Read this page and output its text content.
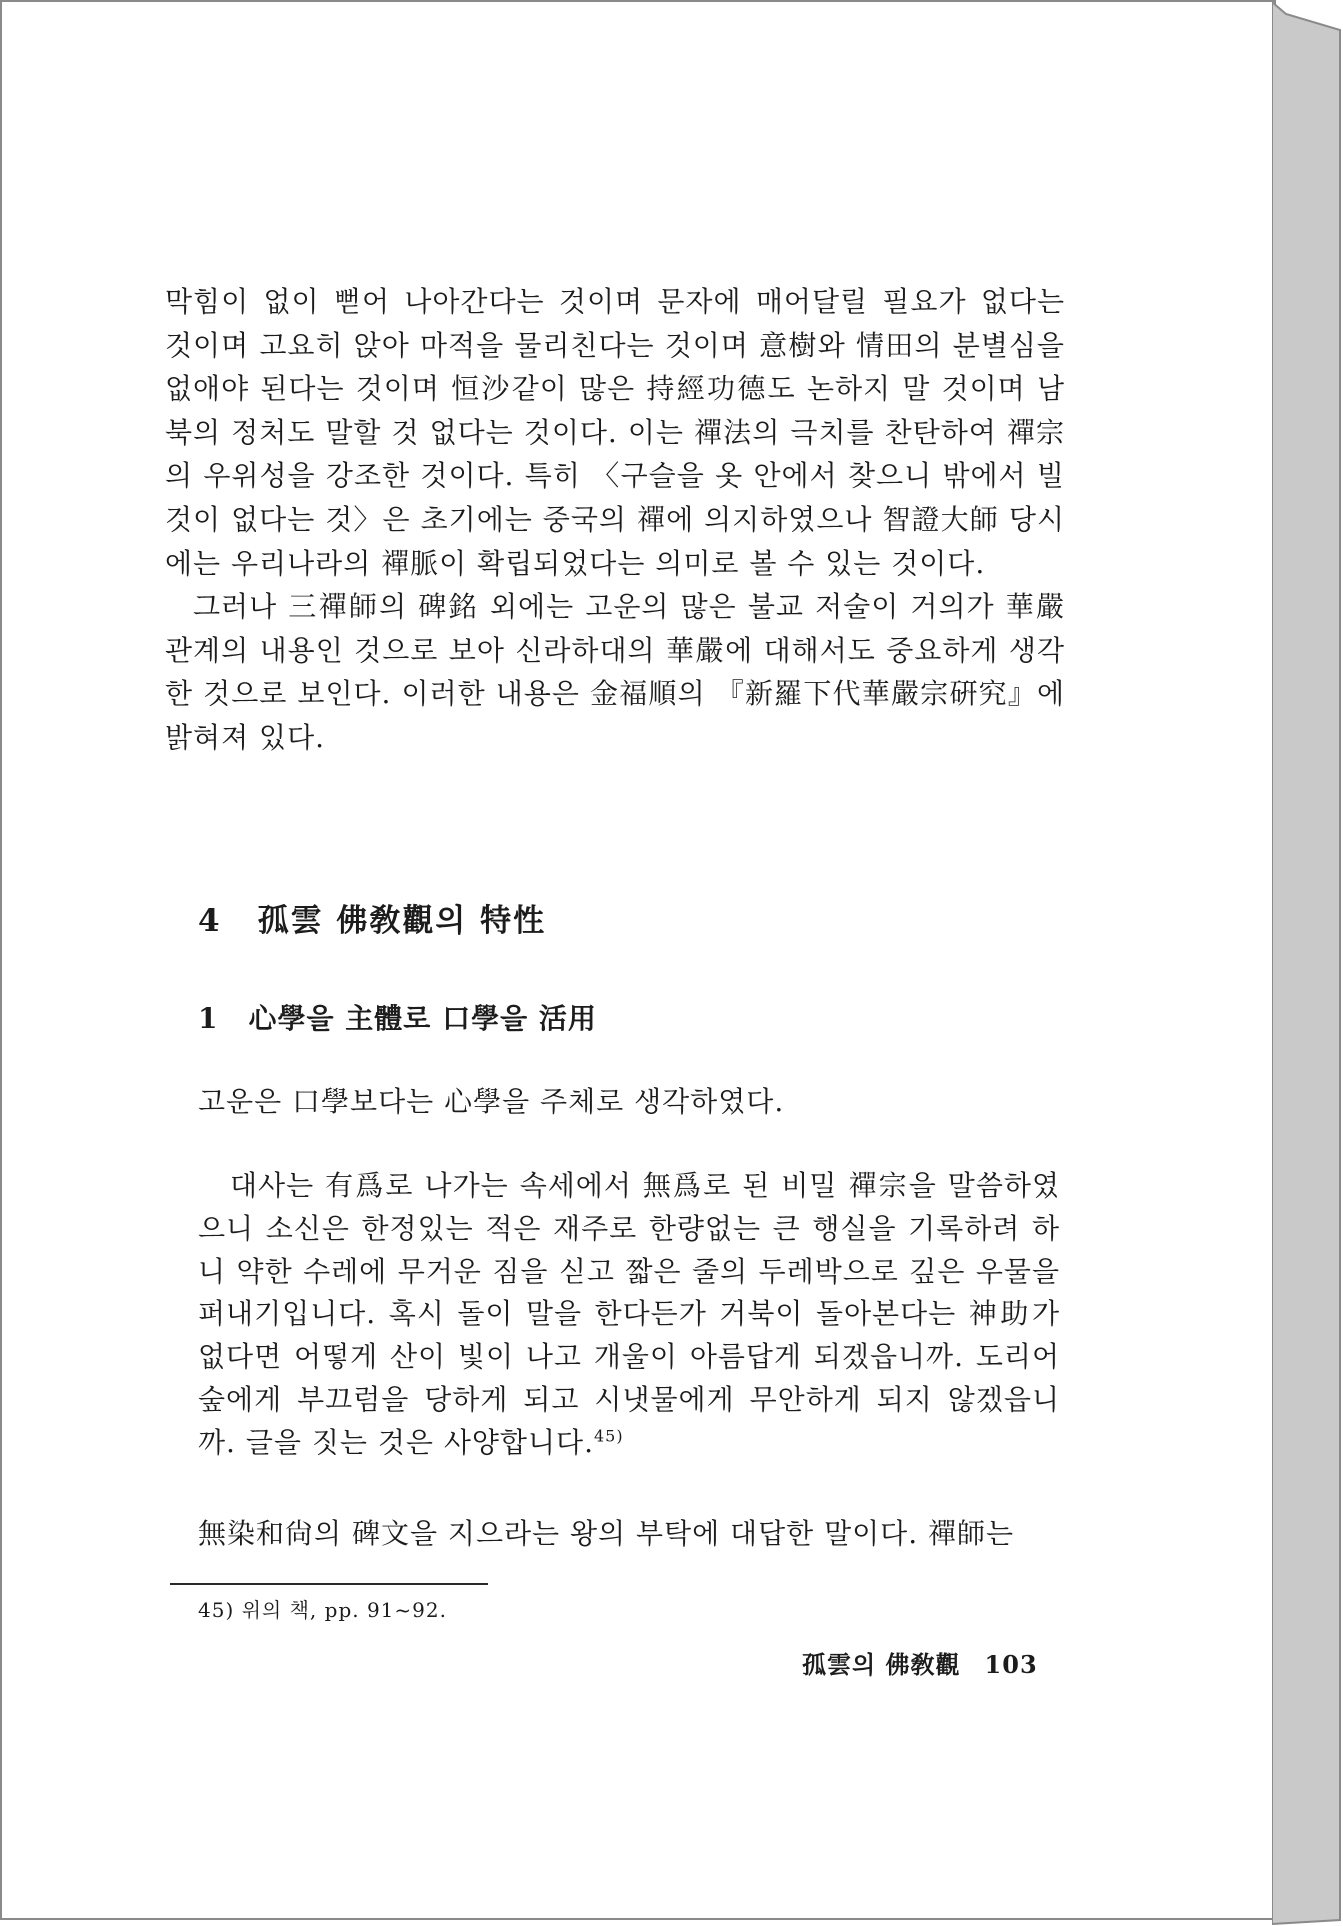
막힘이 없이 뻗어 나아간다는 것이며 문자에 매어달릴 필요가 없다는 것이며 고요히 앉아 마적을 물리친다는 것이며 意樹와 情田의 분별심을 없애야 된다는 것이며 恒沙같이 많은 持經功德도 논하지 말 것이며 남북의 정처도 말할 것 없다는 것이다. 이는 禪法의 극치를 찬탄하여 禪宗의 우위성을 강조한 것이다. 특히 〈구슬을 옷 안에서 찾으니 밖에서 빌 것이 없다는 것〉은 초기에는 중국의 禪에 의지하였으나 智證大師 당시에는 우리나라의 禪脈이 확립되었다는 의미로 볼 수 있는 것이다.

그러나 三禪師의 碑銘 외에는 고운의 많은 불교 저술이 거의가 華嚴관계의 내용인 것으로 보아 신라하대의 華嚴에 대해서도 중요하게 생각한 것으로 보인다. 이러한 내용은 金福順의 『新羅下代華嚴宗硏究』에 밝혀져 있다.

4 孤雲 佛敎觀의 特性
1 心學을 主體로 口學을 活用

고운은 口學보다는 心學을 주체로 생각하였다.

대사는 有爲로 나가는 속세에서 無爲로 된 비밀 禪宗을 말씀하였으니 소신은 한정있는 적은 재주로 한량없는 큰 행실을 기록하려 하니 약한 수레에 무거운 짐을 싣고 짧은 줄의 두레박으로 깊은 우물을 퍼내기입니다. 혹시 돌이 말을 한다든가 거북이 돌아본다는 神助가 없다면 어떻게 산이 빛이 나고 개울이 아름답게 되겠읍니까. 도리어 숲에게 부끄럼을 당하게 되고 시냇물에게 무안하게 되지 않겠읍니까. 글을 짓는 것은 사양합니다.$^{45)}$

無染和尙의 碑文을 지으라는 왕의 부탁에 대답한 말이다. 禪師는

45) 위의 책, pp. 91~92.

孤雲의 佛敎觀 103
